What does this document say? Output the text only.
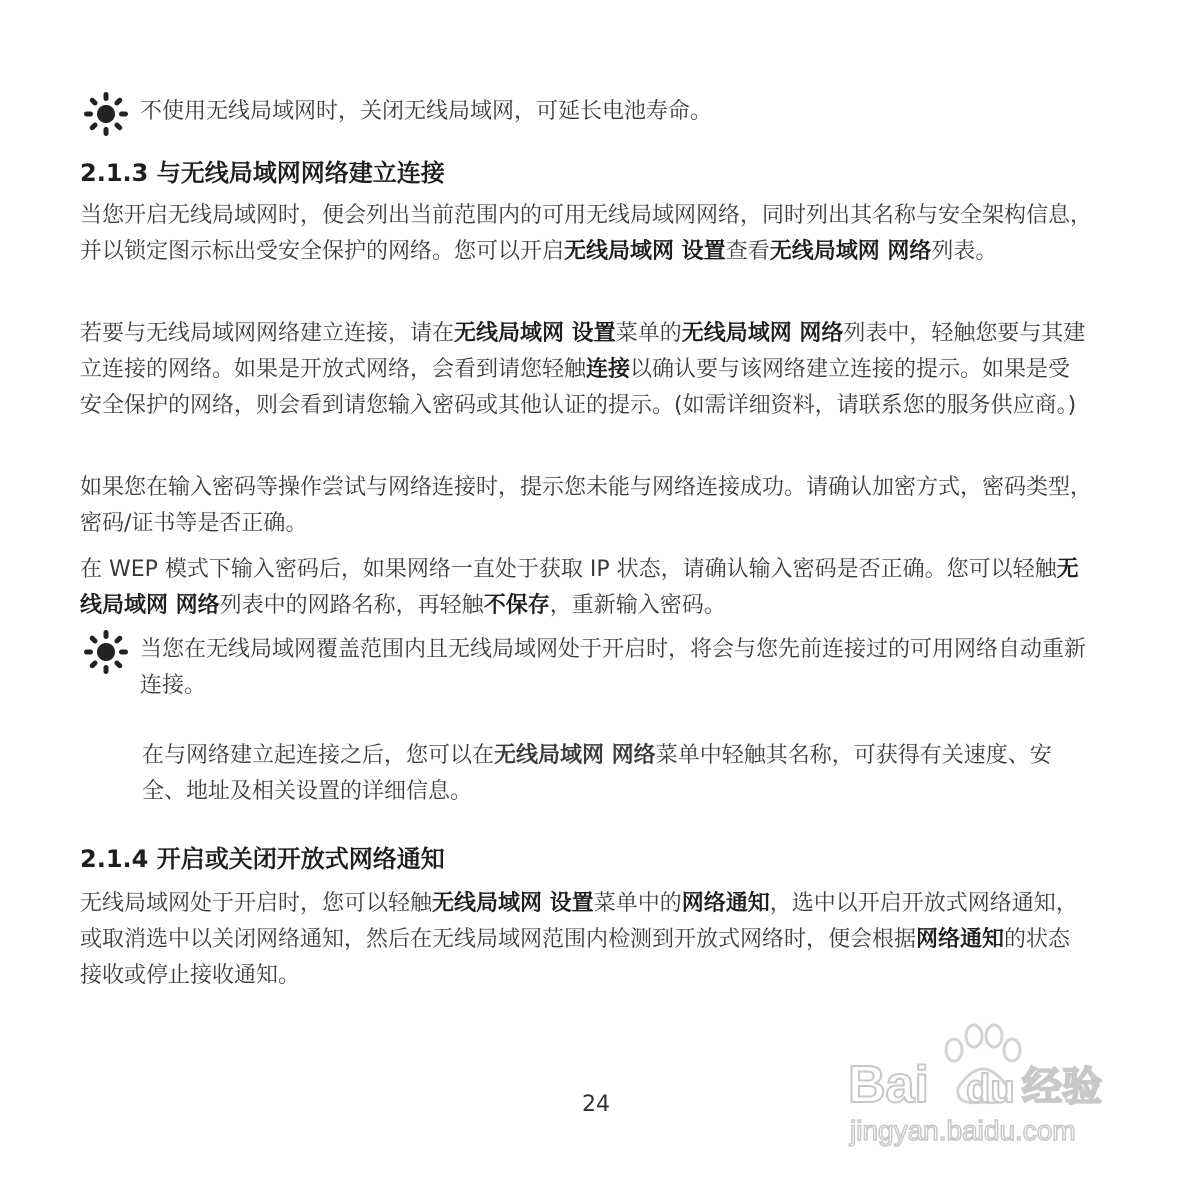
不使用无线局域网时，关闭无线局域网，可延长电池寿命。
2.1.3 与无线局域网网络建立连接
当您开启无线局域网时，便会列出当前范围内的可用无线局域网网络，同时列出其名称与安全架构信息，并以锁定图示标出受安全保护的网络。您可以开启无线局域网 设置查看无线局域网 网络列表。
若要与无线局域网网络建立连接，请在无线局域网 设置菜单的无线局域网 网络列表中，轻触您要与其建立连接的网络。如果是开放式网络，会看到请您轻触连接以确认要与该网络建立连接的提示。如果是受安全保护的网络，则会看到请您输入密码或其他认证的提示。(如需详细资料，请联系您的服务供应商。)
如果您在输入密码等操作尝试与网络连接时，提示您未能与网络连接成功。请确认加密方式，密码类型，密码/证书等是否正确。
在 WEP 模式下输入密码后，如果网络一直处于获取 IP 状态，请确认输入密码是否正确。您可以轻触无线局域网 网络列表中的网路名称，再轻触不保存，重新输入密码。
当您在无线局域网覆盖范围内且无线局域网处于开启时，将会与您先前连接过的可用网络自动重新连接。
在与网络建立起连接之后，您可以在无线局域网 网络菜单中轻触其名称，可获得有关速度、安全、地址及相关设置的详细信息。
2.1.4 开启或关闭开放式网络通知
无线局域网处于开启时，您可以轻触无线局域网 设置菜单中的网络通知，选中以开启开放式网络通知，或取消选中以关闭网络通知，然后在无线局域网范围内检测到开放式网络时，便会根据网络通知的状态接收或停止接收通知。
24	Bai du 经验
jingyan.baidu.com
